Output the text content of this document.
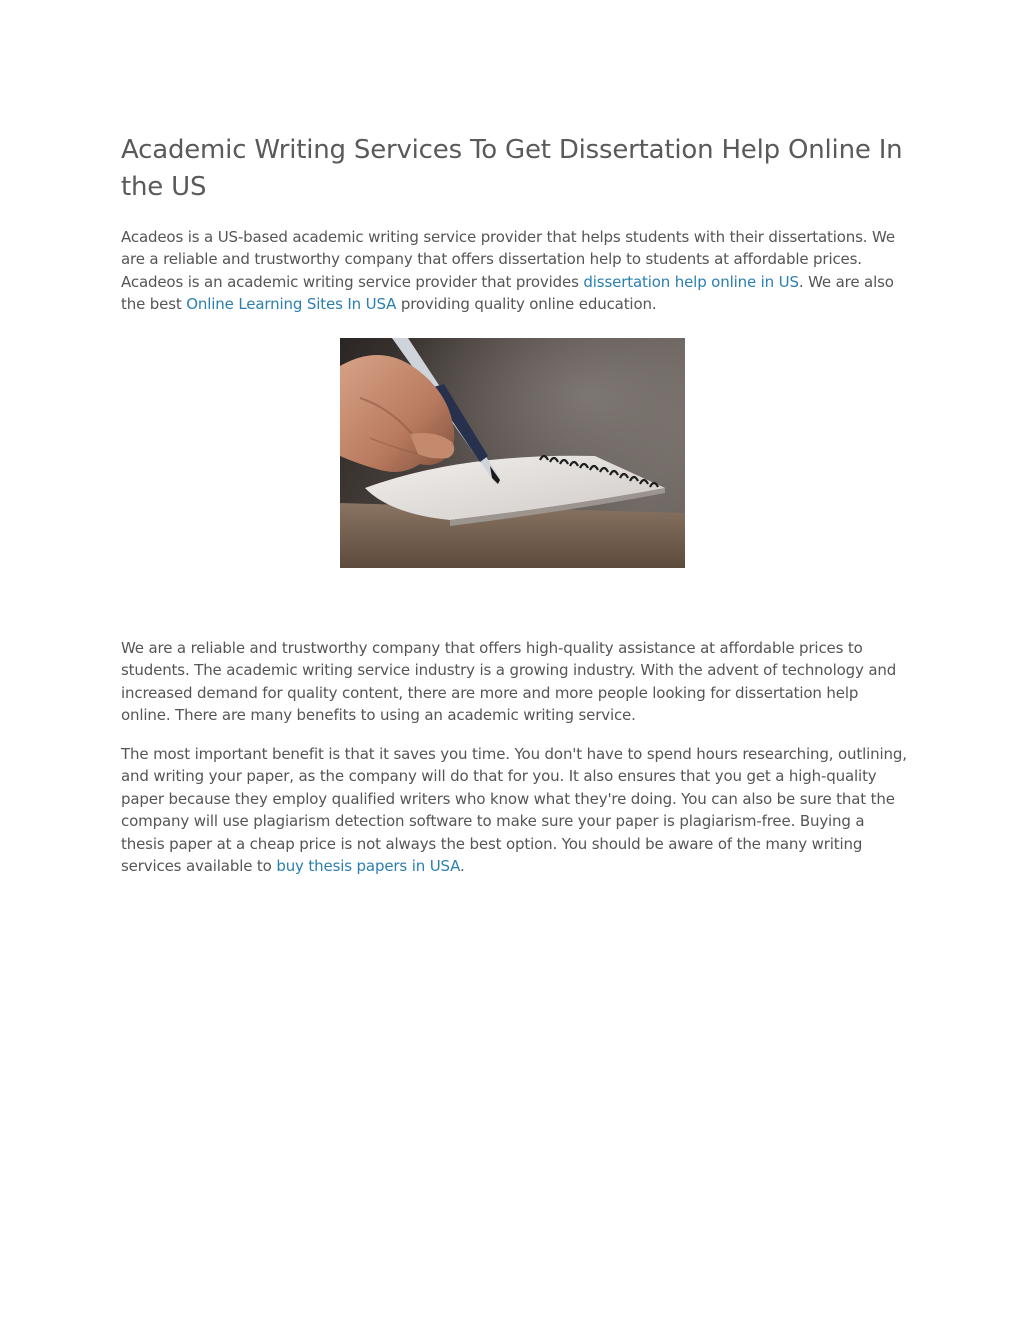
Academic Writing Services To Get Dissertation Help Online In the US

Acadeos is a US-based academic writing service provider that helps students with their dissertations. We are a reliable and trustworthy company that offers dissertation help to students at affordable prices. Acadeos is an academic writing service provider that provides dissertation help online in US. We are also the best Online Learning Sites In USA providing quality online education.

We are a reliable and trustworthy company that offers high-quality assistance at affordable prices to students. The academic writing service industry is a growing industry. With the advent of technology and increased demand for quality content, there are more and more people looking for dissertation help online. There are many benefits to using an academic writing service.

The most important benefit is that it saves you time. You don't have to spend hours researching, outlining, and writing your paper, as the company will do that for you. It also ensures that you get a high-quality paper because they employ qualified writers who know what they're doing. You can also be sure that the company will use plagiarism detection software to make sure your paper is plagiarism-free. Buying a thesis paper at a cheap price is not always the best option. You should be aware of the many writing services available to buy thesis papers in USA.
